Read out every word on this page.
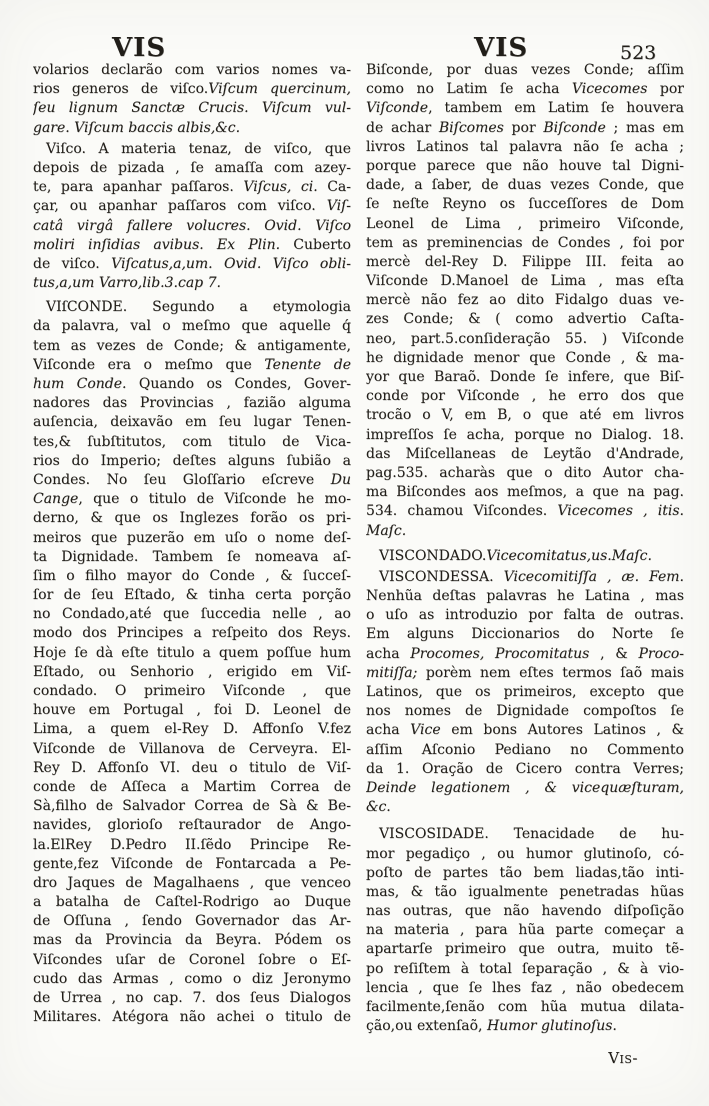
VIS	VIS	523
volarios declarão com varios nomes va-
rios generos de viſco.Viſcum quercinum,
ſeu lignum Sanctæ Crucis. Viſcum vul-
gare. Viſcum baccis albis,&c.
Viſco. A materia tenaz, de viſco, que
depois de pizada , ſe amaſſa com azey-
te, para apanhar paſſaros. Viſcus, ci. Ca-
çar, ou apanhar paſſaros com viſco. Viſ-
catâ virgâ fallere volucres. Ovid. Viſco
moliri inſidias avibus. Ex Plin. Cuberto
de viſco. Viſcatus,a,um. Ovid. Viſco obli-
tus,a,um Varro,lib.3.cap 7.
VIſCONDE. Segundo a etymologia
da palavra, val o meſmo que aquelle q́
tem as vezes de Conde; & antigamente,
Viſconde era o meſmo que Tenente de
hum Conde. Quando os Condes, Gover-
nadores das Provincias , fazião alguma
auſencia, deixavão em ſeu lugar Tenen-
tes,& ſubſtitutos, com titulo de Vica-
rios do Imperio; deſtes alguns ſubião a
Condes. No ſeu Gloſſario eſcreve Du
Cange, que o titulo de Viſconde he mo-
derno, & que os Inglezes forão os pri-
meiros que puzerão em uſo o nome deſ-
ta Dignidade. Tambem ſe nomeava aſ-
ſim o filho mayor do Conde , & ſucceſ-
ſor de ſeu Eſtado, & tinha certa porção
no Condado,até que ſuccedia nelle , ao
modo dos Principes a reſpeito dos Reys.
Hoje ſe dà eſte titulo a quem poſſue hum
Eſtado, ou Senhorio , erigido em Viſ-
condado. O primeiro Viſconde , que
houve em Portugal , foi D. Leonel de
Lima, a quem el-Rey D. Affonſo V.fez
Viſconde de Villanova de Cerveyra. El-
Rey D. Affonſo VI. deu o titulo de Viſ-
conde de Aſſeca a Martim Correa de
Sà,filho de Salvador Correa de Sà & Be-
navides, glorioſo reſtaurador de Ango-
la.ElRey D.Pedro II.ſẽdo Principe Re-
gente,fez Viſconde de Fontarcada a Pe-
dro Jaques de Magalhaens , que venceo
a batalha de Caſtel-Rodrigo ao Duque
de Oſſuna , ſendo Governador das Ar-
mas da Provincia da Beyra. Pódem os
Viſcondes uſar de Coronel ſobre o Eſ-
cudo das Armas , como o diz Jeronymo
de Urrea , no cap. 7. dos ſeus Dialogos
Militares. Atégora não achei o titulo de
Biſconde, por duas vezes Conde; aſſim
como no Latim ſe acha Vicecomes por
Viſconde, tambem em Latim ſe houvera
de achar Biſcomes por Biſconde ; mas em
livros Latinos tal palavra não ſe acha ;
porque parece que não houve tal Digni-
dade, a ſaber, de duas vezes Conde, que
ſe neſte Reyno os ſucceſſores de Dom
Leonel de Lima , primeiro Viſconde,
tem as preminencias de Condes , foi por
mercè del-Rey D. Filippe III. feita ao
Viſconde D.Manoel de Lima , mas eſta
mercè não fez ao dito Fidalgo duas ve-
zes Conde; & ( como advertio Caſta-
neo, part.5.conſideração 55. ) Viſconde
he dignidade menor que Conde , & ma-
yor que Baraõ. Donde ſe infere, que Biſ-
conde por Viſconde , he erro dos que
trocão o V, em B, o que até em livros
impreſſos ſe acha, porque no Dialog. 18.
das Miſcellaneas de Leytão d'Andrade,
pag.535. acharàs que o dito Autor cha-
ma Biſcondes aos meſmos, a que na pag.
534. chamou Viſcondes. Vicecomes , itis.
Maſc.
VISCONDADO.Vicecomitatus,us.Maſc.
VISCONDESSA. Vicecomitiſſa , æ. Fem.
Nenhũa deſtas palavras he Latina , mas
o uſo as introduzio por falta de outras.
Em alguns Diccionarios do Norte ſe
acha Procomes, Procomitatus , & Proco-
mitiſſa; porèm nem eſtes termos ſaõ mais
Latinos, que os primeiros, excepto que
nos nomes de Dignidade compoſtos ſe
acha Vice em bons Autores Latinos , &
aſſim Aſconio Pediano no Commento
da 1. Oração de Cicero contra Verres;
Deinde legationem , & vicequæſturam,
&c.
VISCOSIDADE. Tenacidade de hu-
mor pegadiço , ou humor glutinoſo, có-
poſto de partes tão bem liadas,tão inti-
mas, & tão igualmente penetradas hũas
nas outras, que não havendo diſpoſição
na materia , para hũa parte começar a
apartarſe primeiro que outra, muito tẽ-
po reſiſtem à total ſeparação , & à vio-
lencia , que ſe lhes faz , não obedecem
facilmente,ſenão com hũa mutua dilata-
ção,ou extenſaõ, Humor glutinoſus.
Vis-
